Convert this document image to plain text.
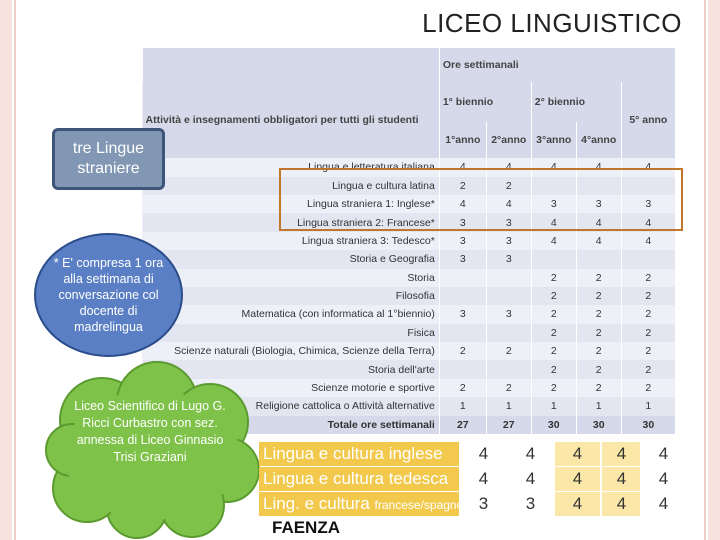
LICEO LINGUISTICO
	Ore settimanali				
Attività e insegnamenti obbligatori per tutti gli studenti	1° biennio		2° biennio		5° anno
	1°anno	2°anno	3°anno	4°anno	
Lingua e letteratura italiana	4	4	4	4	4
Lingua e cultura latina	2	2			
Lingua straniera 1: Inglese*	4	4	3	3	3
Lingua straniera 2: Francese*	3	3	4	4	4
Lingua straniera 3: Tedesco*	3	3	4	4	4
Storia e Geografia	3	3			
Storia			2	2	2
Filosofia			2	2	2
Matematica (con informatica al 1°biennio)	3	3	2	2	2
Fisica			2	2	2
Scienze naturali (Biologia, Chimica, Scienze della Terra)	2	2	2	2	2
Storia dell'arte			2	2	2
Scienze motorie e sportive	2	2	2	2	2
Religione cattolica o Attività alternative	1	1	1	1	1
Totale ore settimanali	27	27	30	30	30
tre Lingue straniere
* E' compresa 1 ora alla settimana di conversazione col docente di madrelingua
Liceo Scientifico di Lugo G. Ricci Curbastro con sez. annessa di Liceo Ginnasio Trisi Graziani	Lingua e cultura inglese	4	4	4	4	4
Lingua e cultura tedesca	4	4	4	4	4
Ling. e cultura francese/spagnola 3	3	4	4	4
FAENZA
